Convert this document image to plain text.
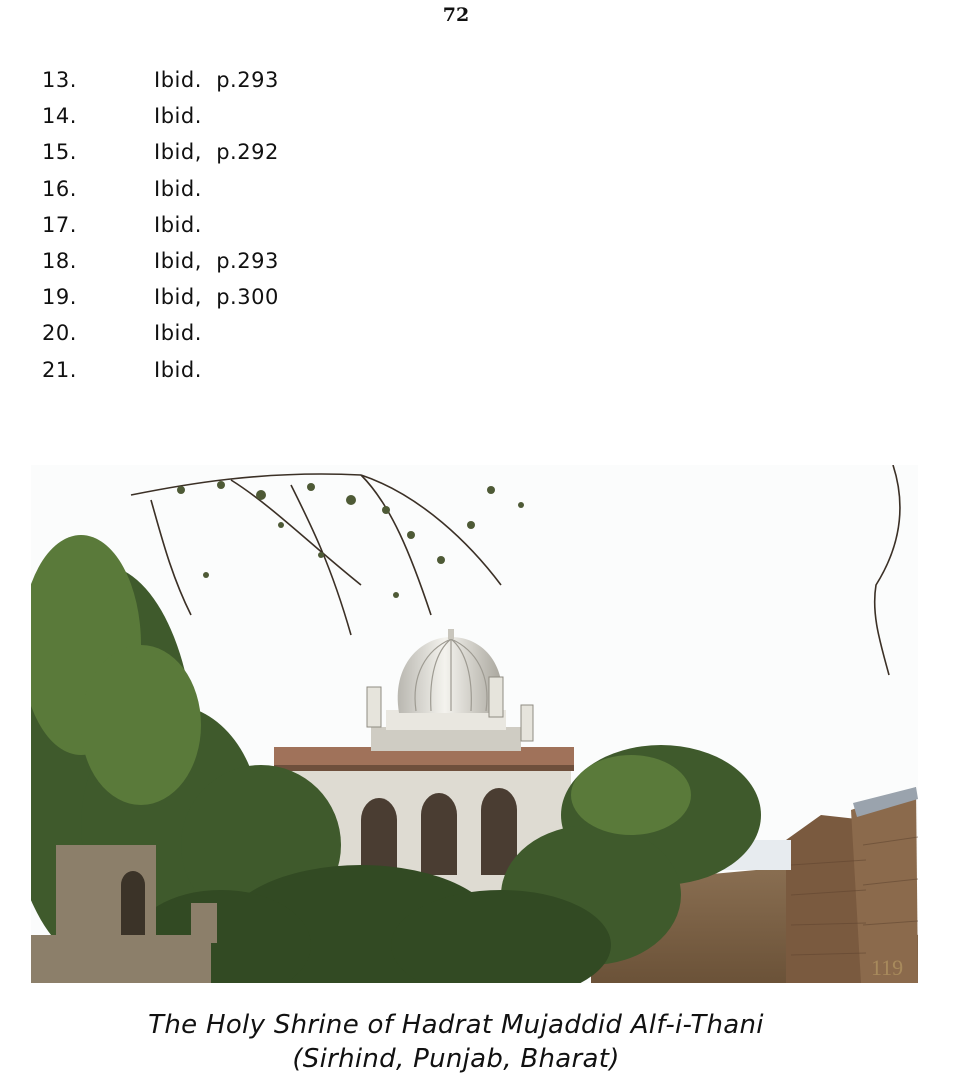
72
13.	Ibid.  p.293
14.	Ibid.
15.	Ibid,  p.292
16.	Ibid.
17.	Ibid.
18.	Ibid,  p.293
19.	Ibid,  p.300
20.	Ibid.
21.	Ibid.
119
The Holy Shrine of Hadrat Mujaddid Alf-i-Thani
(Sirhind, Punjab, Bharat)
